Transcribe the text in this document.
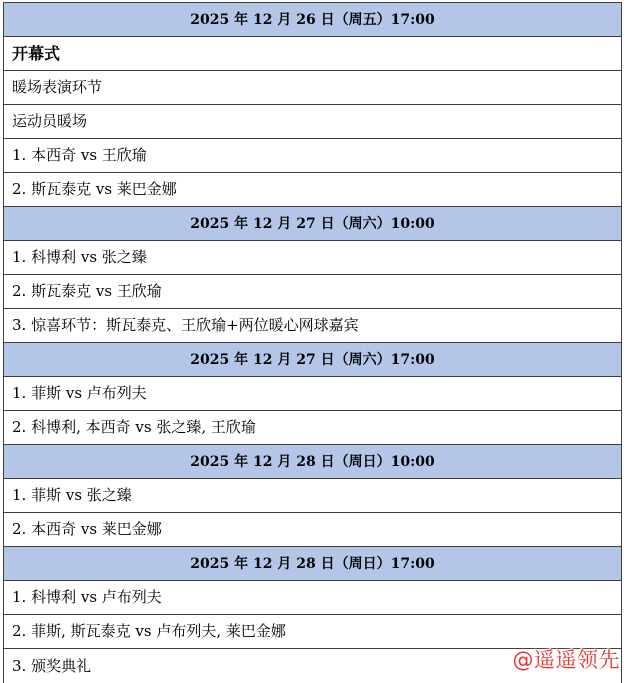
2025 年 12 月 26 日（周五）17:00
开幕式
暖场表演环节
运动员暖场
1. 本西奇 vs 王欣瑜
2. 斯瓦泰克 vs 莱巴金娜
2025 年 12 月 27 日（周六）10:00
1. 科博利 vs 张之臻
2. 斯瓦泰克 vs 王欣瑜
3. 惊喜环节：斯瓦泰克、王欣瑜+两位暖心网球嘉宾
2025 年 12 月 27 日（周六）17:00
1. 菲斯 vs 卢布列夫
2. 科博利, 本西奇 vs 张之臻, 王欣瑜
2025 年 12 月 28 日（周日）10:00
1. 菲斯 vs 张之臻
2. 本西奇 vs 莱巴金娜
2025 年 12 月 28 日（周日）17:00
1. 科博利 vs 卢布列夫
2. 菲斯, 斯瓦泰克 vs 卢布列夫, 莱巴金娜
3. 颁奖典礼	@遥遥领先
